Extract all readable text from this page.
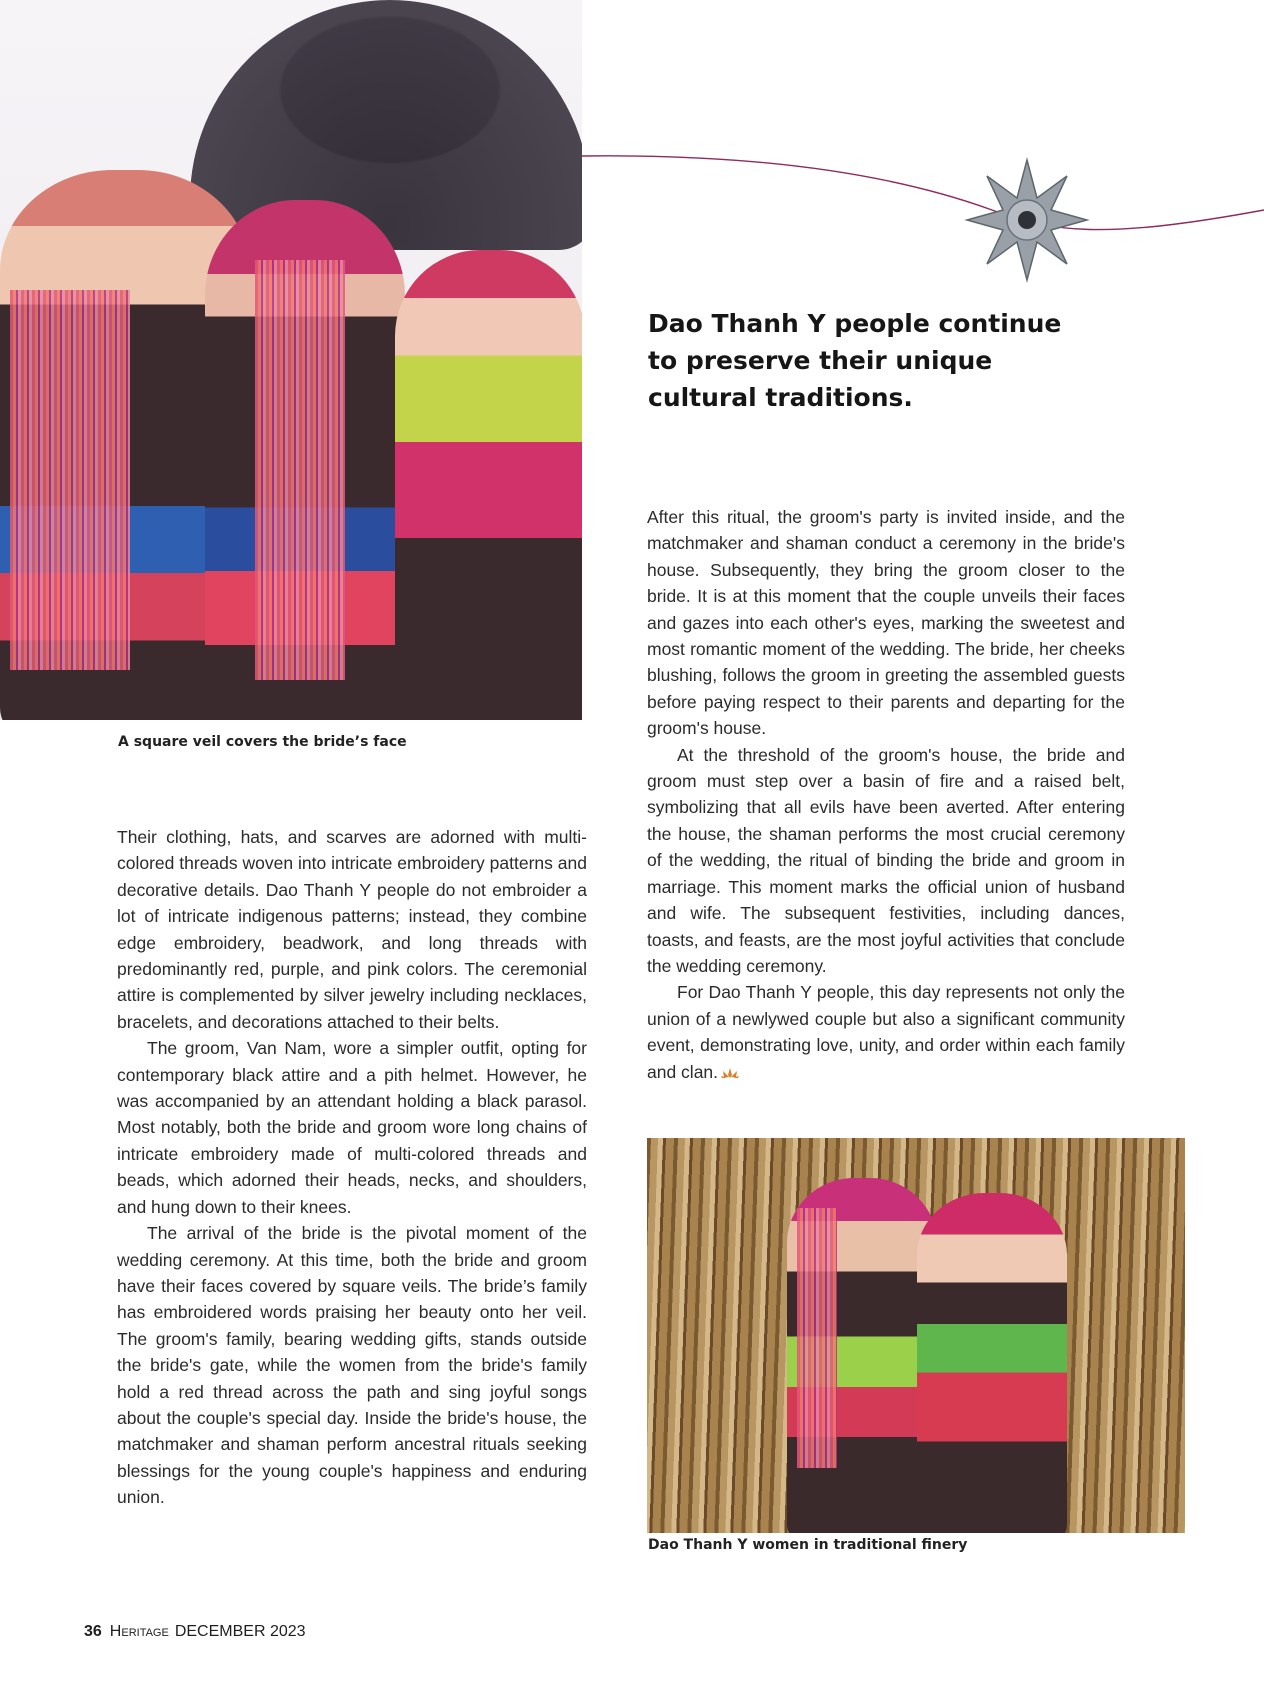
A square veil covers the bride’s face
Dao Thanh Y people continue to preserve their unique cultural traditions.

Their clothing, hats, and scarves are adorned with multi-colored threads woven into intricate embroidery patterns and decorative details. Dao Thanh Y people do not embroider a lot of intricate indigenous patterns; instead, they combine edge embroidery, beadwork, and long threads with predominantly red, purple, and pink colors. The ceremonial attire is complemented by silver jewelry including necklaces, bracelets, and decorations attached to their belts.

The groom, Van Nam, wore a simpler outfit, opting for contemporary black attire and a pith helmet. However, he was accompanied by an attendant holding a black parasol. Most notably, both the bride and groom wore long chains of intricate embroidery made of multi-colored threads and beads, which adorned their heads, necks, and shoulders, and hung down to their knees.

The arrival of the bride is the pivotal moment of the wedding ceremony. At this time, both the bride and groom have their faces covered by square veils. The bride’s family has embroidered words praising her beauty onto her veil. The groom's family, bearing wedding gifts, stands outside the bride's gate, while the women from the bride's family hold a red thread across the path and sing joyful songs about the couple's special day. Inside the bride's house, the matchmaker and shaman perform ancestral rituals seeking blessings for the young couple's happiness and enduring union.

After this ritual, the groom's party is invited inside, and the matchmaker and shaman conduct a ceremony in the bride's house. Subsequently, they bring the groom closer to the bride. It is at this moment that the couple unveils their faces and gazes into each other's eyes, marking the sweetest and most romantic moment of the wedding. The bride, her cheeks blushing, follows the groom in greeting the assembled guests before paying respect to their parents and departing for the groom's house.

At the threshold of the groom's house, the bride and groom must step over a basin of fire and a raised belt, symbolizing that all evils have been averted. After entering the house, the shaman performs the most crucial ceremony of the wedding, the ritual of binding the bride and groom in marriage. This moment marks the official union of husband and wife. The subsequent festivities, including dances, toasts, and feasts, are the most joyful activities that conclude the wedding ceremony.

For Dao Thanh Y people, this day represents not only the union of a newlywed couple but also a significant community event, demonstrating love, unity, and order within each family and clan.

Dao Thanh Y women in traditional finery
36 Heritage DECEMBER 2023
